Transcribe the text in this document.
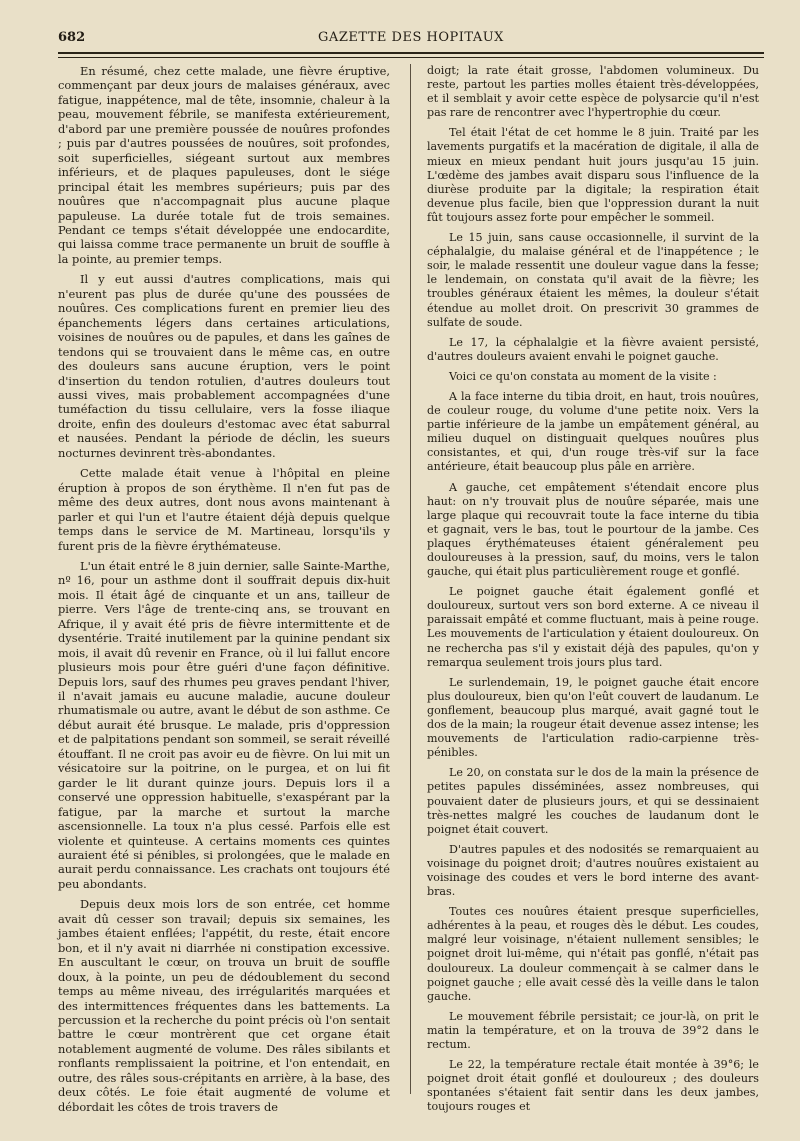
682	GAZETTE DES HOPITAUX

En résumé, chez cette malade, une fièvre éruptive, commençant par deux jours de malaises généraux, avec fatigue, inappétence, mal de tête, insomnie, chaleur à la peau, mouvement fébrile, se manifesta extérieurement, d'abord par une première poussée de nouûres profondes ; puis par d'autres poussées de nouûres, soit profondes, soit superficielles, siégeant surtout aux membres inférieurs, et de plaques papuleuses, dont le siége principal était les membres supérieurs; puis par des nouûres que n'accompagnait plus aucune plaque papuleuse. La durée totale fut de trois semaines. Pendant ce temps s'était développée une endocardite, qui laissa comme trace permanente un bruit de souffle à la pointe, au premier temps.

Il y eut aussi d'autres complications, mais qui n'eurent pas plus de durée qu'une des poussées de nouûres. Ces complications furent en premier lieu des épanchements légers dans certaines articulations, voisines de nouûres ou de papules, et dans les gaînes de tendons qui se trouvaient dans le même cas, en outre des douleurs sans aucune éruption, vers le point d'insertion du tendon rotulien, d'autres douleurs tout aussi vives, mais probablement accompagnées d'une tuméfaction du tissu cellulaire, vers la fosse iliaque droite, enfin des douleurs d'estomac avec état saburral et nausées. Pendant la période de déclin, les sueurs nocturnes devinrent très-abondantes.

Cette malade était venue à l'hôpital en pleine éruption à propos de son érythème. Il n'en fut pas de même des deux autres, dont nous avons maintenant à parler et qui l'un et l'autre étaient déjà depuis quelque temps dans le service de M. Martineau, lorsqu'ils y furent pris de la fièvre érythémateuse.

L'un était entré le 8 juin dernier, salle Sainte-Marthe, nº 16, pour un asthme dont il souffrait depuis dix-huit mois. Il était âgé de cinquante et un ans, tailleur de pierre. Vers l'âge de trente-cinq ans, se trouvant en Afrique, il y avait été pris de fièvre intermittente et de dysentérie. Traité inutilement par la quinine pendant six mois, il avait dû revenir en France, où il lui fallut encore plusieurs mois pour être guéri d'une façon définitive. Depuis lors, sauf des rhumes peu graves pendant l'hiver, il n'avait jamais eu aucune maladie, aucune douleur rhumatismale ou autre, avant le début de son asthme. Ce début aurait été brusque. Le malade, pris d'oppression et de palpitations pendant son sommeil, se serait réveillé étouffant. Il ne croit pas avoir eu de fièvre. On lui mit un vésicatoire sur la poitrine, on le purgea, et on lui fit garder le lit durant quinze jours. Depuis lors il a conservé une oppression habituelle, s'exaspérant par la fatigue, par la marche et surtout la marche ascensionnelle. La toux n'a plus cessé. Parfois elle est violente et quinteuse. A certains moments ces quintes auraient été si pénibles, si prolongées, que le malade en aurait perdu connaissance. Les crachats ont toujours été peu abondants.

Depuis deux mois lors de son entrée, cet homme avait dû cesser son travail; depuis six semaines, les jambes étaient enflées; l'appétit, du reste, était encore bon, et il n'y avait ni diarrhée ni constipation excessive. En auscultant le cœur, on trouva un bruit de souffle doux, à la pointe, un peu de dédoublement du second temps au même niveau, des irrégularités marquées et des intermittences fréquentes dans les battements. La percussion et la recherche du point précis où l'on sentait battre le cœur montrèrent que cet organe était notablement augmenté de volume. Des râles sibilants et ronflants remplissaient la poitrine, et l'on entendait, en outre, des râles sous-crépitants en arrière, à la base, des deux côtés. Le foie était augmenté de volume et débordait les côtes de trois travers de

doigt; la rate était grosse, l'abdomen volumineux. Du reste, partout les parties molles étaient très-développées, et il semblait y avoir cette espèce de polysarcie qu'il n'est pas rare de rencontrer avec l'hypertrophie du cœur.

Tel était l'état de cet homme le 8 juin. Traité par les lavements purgatifs et la macération de digitale, il alla de mieux en mieux pendant huit jours jusqu'au 15 juin. L'œdème des jambes avait disparu sous l'influence de la diurèse produite par la digitale; la respiration était devenue plus facile, bien que l'oppression durant la nuit fût toujours assez forte pour empêcher le sommeil.

Le 15 juin, sans cause occasionnelle, il survint de la céphalalgie, du malaise général et de l'inappétence ; le soir, le malade ressentit une douleur vague dans la fesse; le lendemain, on constata qu'il avait de la fièvre; les troubles généraux étaient les mêmes, la douleur s'était étendue au mollet droit. On prescrivit 30 grammes de sulfate de soude.

Le 17, la céphalalgie et la fièvre avaient persisté, d'autres douleurs avaient envahi le poignet gauche.

Voici ce qu'on constata au moment de la visite :

A la face interne du tibia droit, en haut, trois nouûres, de couleur rouge, du volume d'une petite noix. Vers la partie inférieure de la jambe un empâtement général, au milieu duquel on distinguait quelques nouûres plus consistantes, et qui, d'un rouge très-vif sur la face antérieure, était beaucoup plus pâle en arrière.

A gauche, cet empâtement s'étendait encore plus haut: on n'y trouvait plus de nouûre séparée, mais une large plaque qui recouvrait toute la face interne du tibia et gagnait, vers le bas, tout le pourtour de la jambe. Ces plaques érythémateuses étaient généralement peu douloureuses à la pression, sauf, du moins, vers le talon gauche, qui était plus particulièrement rouge et gonflé.

Le poignet gauche était également gonflé et douloureux, surtout vers son bord externe. A ce niveau il paraissait empâté et comme fluctuant, mais à peine rouge. Les mouvements de l'articulation y étaient douloureux. On ne rechercha pas s'il y existait déjà des papules, qu'on y remarqua seulement trois jours plus tard.

Le surlendemain, 19, le poignet gauche était encore plus douloureux, bien qu'on l'eût couvert de laudanum. Le gonflement, beaucoup plus marqué, avait gagné tout le dos de la main; la rougeur était devenue assez intense; les mouvements de l'articulation radio-carpienne très-pénibles.

Le 20, on constata sur le dos de la main la présence de petites papules disséminées, assez nombreuses, qui pouvaient dater de plusieurs jours, et qui se dessinaient très-nettes malgré les couches de laudanum dont le poignet était couvert.

D'autres papules et des nodosités se remarquaient au voisinage du poignet droit; d'autres nouûres existaient au voisinage des coudes et vers le bord interne des avant-bras.

Toutes ces nouûres étaient presque superficielles, adhérentes à la peau, et rouges dès le début. Les coudes, malgré leur voisinage, n'étaient nullement sensibles; le poignet droit lui-même, qui n'était pas gonflé, n'était pas douloureux. La douleur commençait à se calmer dans le poignet gauche ; elle avait cessé dès la veille dans le talon gauche.

Le mouvement fébrile persistait; ce jour-là, on prit le matin la température, et on la trouva de 39°2 dans le rectum.

Le 22, la température rectale était montée à 39°6; le poignet droit était gonflé et douloureux ; des douleurs spontanées s'étaient fait sentir dans les deux jambes, toujours rouges et
